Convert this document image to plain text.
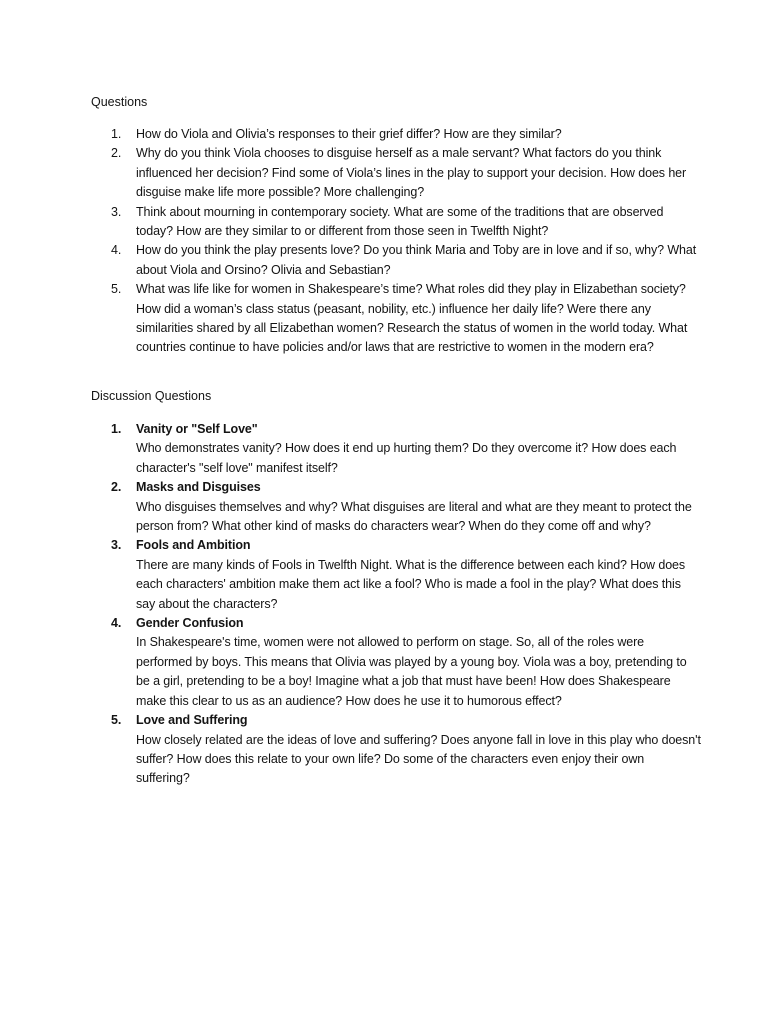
Questions
1.	How do Viola and Olivia’s responses to their grief differ? How are they similar?
2.	Why do you think Viola chooses to disguise herself as a male servant? What factors do you think influenced her decision? Find some of Viola’s lines in the play to support your decision. How does her disguise make life more possible? More challenging?
3.	Think about mourning in contemporary society. What are some of the traditions that are observed today? How are they similar to or different from those seen in Twelfth Night?
4.	How do you think the play presents love? Do you think Maria and Toby are in love and if so, why? What about Viola and Orsino? Olivia and Sebastian?
5.	What was life like for women in Shakespeare’s time? What roles did they play in Elizabethan society? How did a woman’s class status (peasant, nobility, etc.) influence her daily life? Were there any similarities shared by all Elizabethan women? Research the status of women in the world today. What countries continue to have policies and/or laws that are restrictive to women in the modern era?
Discussion Questions
1.	Vanity or "Self Love"
Who demonstrates vanity? How does it end up hurting them? Do they overcome it? How does each character's "self love" manifest itself?
2.	Masks and Disguises
Who disguises themselves and why? What disguises are literal and what are they meant to protect the person from? What other kind of masks do characters wear? When do they come off and why?
3.	Fools and Ambition
There are many kinds of Fools in Twelfth Night. What is the difference between each kind? How does each characters' ambition make them act like a fool? Who is made a fool in the play? What does this say about the characters?
4.	Gender Confusion
In Shakespeare's time, women were not allowed to perform on stage. So, all of the roles were performed by boys. This means that Olivia was played by a young boy. Viola was a boy, pretending to be a girl, pretending to be a boy! Imagine what a job that must have been! How does Shakespeare make this clear to us as an audience? How does he use it to humorous effect?
5.	Love and Suffering
How closely related are the ideas of love and suffering? Does anyone fall in love in this play who doesn't suffer? How does this relate to your own life? Do some of the characters even enjoy their own suffering?
